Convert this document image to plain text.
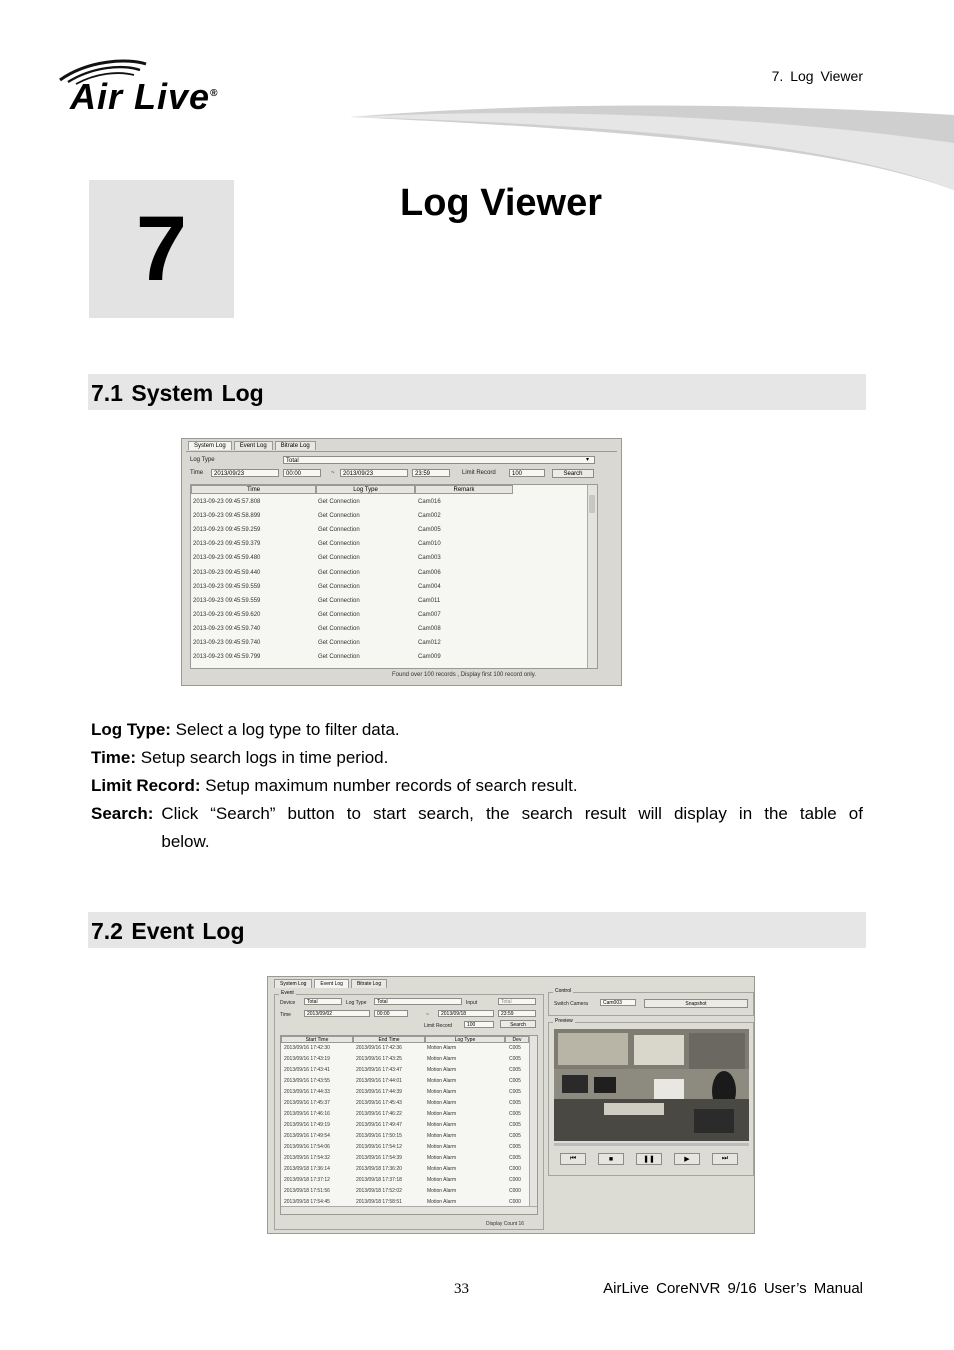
7. Log Viewer
Air Live®
7	Log Viewer
7.1 System Log
System Log	Event Log	Bitrate Log
Log Type	Total	▾
Time	2013/09/23	00:00	~	2013/09/23	23:59	Limit Record	100	Search
Time	Log Type	Remark
2013-09-23 09:45:57.808	Get Connection	Cam016
2013-09-23 09:45:58.899	Get Connection	Cam002
2013-09-23 09:45:59.259	Get Connection	Cam005
2013-09-23 09:45:59.379	Get Connection	Cam010
2013-09-23 09:45:59.480	Get Connection	Cam003
2013-09-23 09:45:59.440	Get Connection	Cam006
2013-09-23 09:45:59.559	Get Connection	Cam004
2013-09-23 09:45:59.559	Get Connection	Cam011
2013-09-23 09:45:59.620	Get Connection	Cam007
2013-09-23 09:45:59.740	Get Connection	Cam008
2013-09-23 09:45:59.740	Get Connection	Cam012
2013-09-23 09:45:59.799	Get Connection	Cam009
Found over 100 records , Display first 100 record only.
Log Type: Select a log type to filter data.
Time: Setup search logs in time period.
Limit Record: Setup maximum number records of search result.
Search: Click “Search” button to start search, the search result will display in the table of
below.
7.2 Event Log
System Log	Event Log	Bitrate Log
Event
Device	Total	Log Type	Total	Input	Total
Time	2013/09/02	00:00	~	2013/09/18	23:59
Limit Record	100	Search
Start Time	End Time	Log Type	Dev
2013/09/16 17:42:30	2013/09/16 17:42:36	Motion Alarm	C005
2013/09/16 17:43:19	2013/09/16 17:43:25	Motion Alarm	C005
2013/09/16 17:43:41	2013/09/16 17:43:47	Motion Alarm	C005
2013/09/16 17:43:55	2013/09/16 17:44:01	Motion Alarm	C005
2013/09/16 17:44:33	2013/09/16 17:44:39	Motion Alarm	C005
2013/09/16 17:45:37	2013/09/16 17:45:43	Motion Alarm	C005
2013/09/16 17:46:16	2013/09/16 17:46:22	Motion Alarm	C005
2013/09/16 17:49:19	2013/09/16 17:49:47	Motion Alarm	C005
2013/09/16 17:49:54	2013/09/16 17:50:15	Motion Alarm	C005
2013/09/16 17:54:06	2013/09/16 17:54:12	Motion Alarm	C005
2013/09/16 17:54:32	2013/09/16 17:54:39	Motion Alarm	C005
2013/09/18 17:36:14	2013/09/18 17:36:20	Motion Alarm	C000
2013/09/18 17:37:12	2013/09/18 17:37:18	Motion Alarm	C000
2013/09/18 17:51:56	2013/09/18 17:52:02	Motion Alarm	C000
2013/09/18 17:54:45	2013/09/18 17:58:51	Motion Alarm	C000
Display Count 16
Control
Switch Camera	Cam003	Snapshot
Preview
⏮	■	❚❚	▶	⏭
33	AirLive CoreNVR 9/16 User’s Manual
